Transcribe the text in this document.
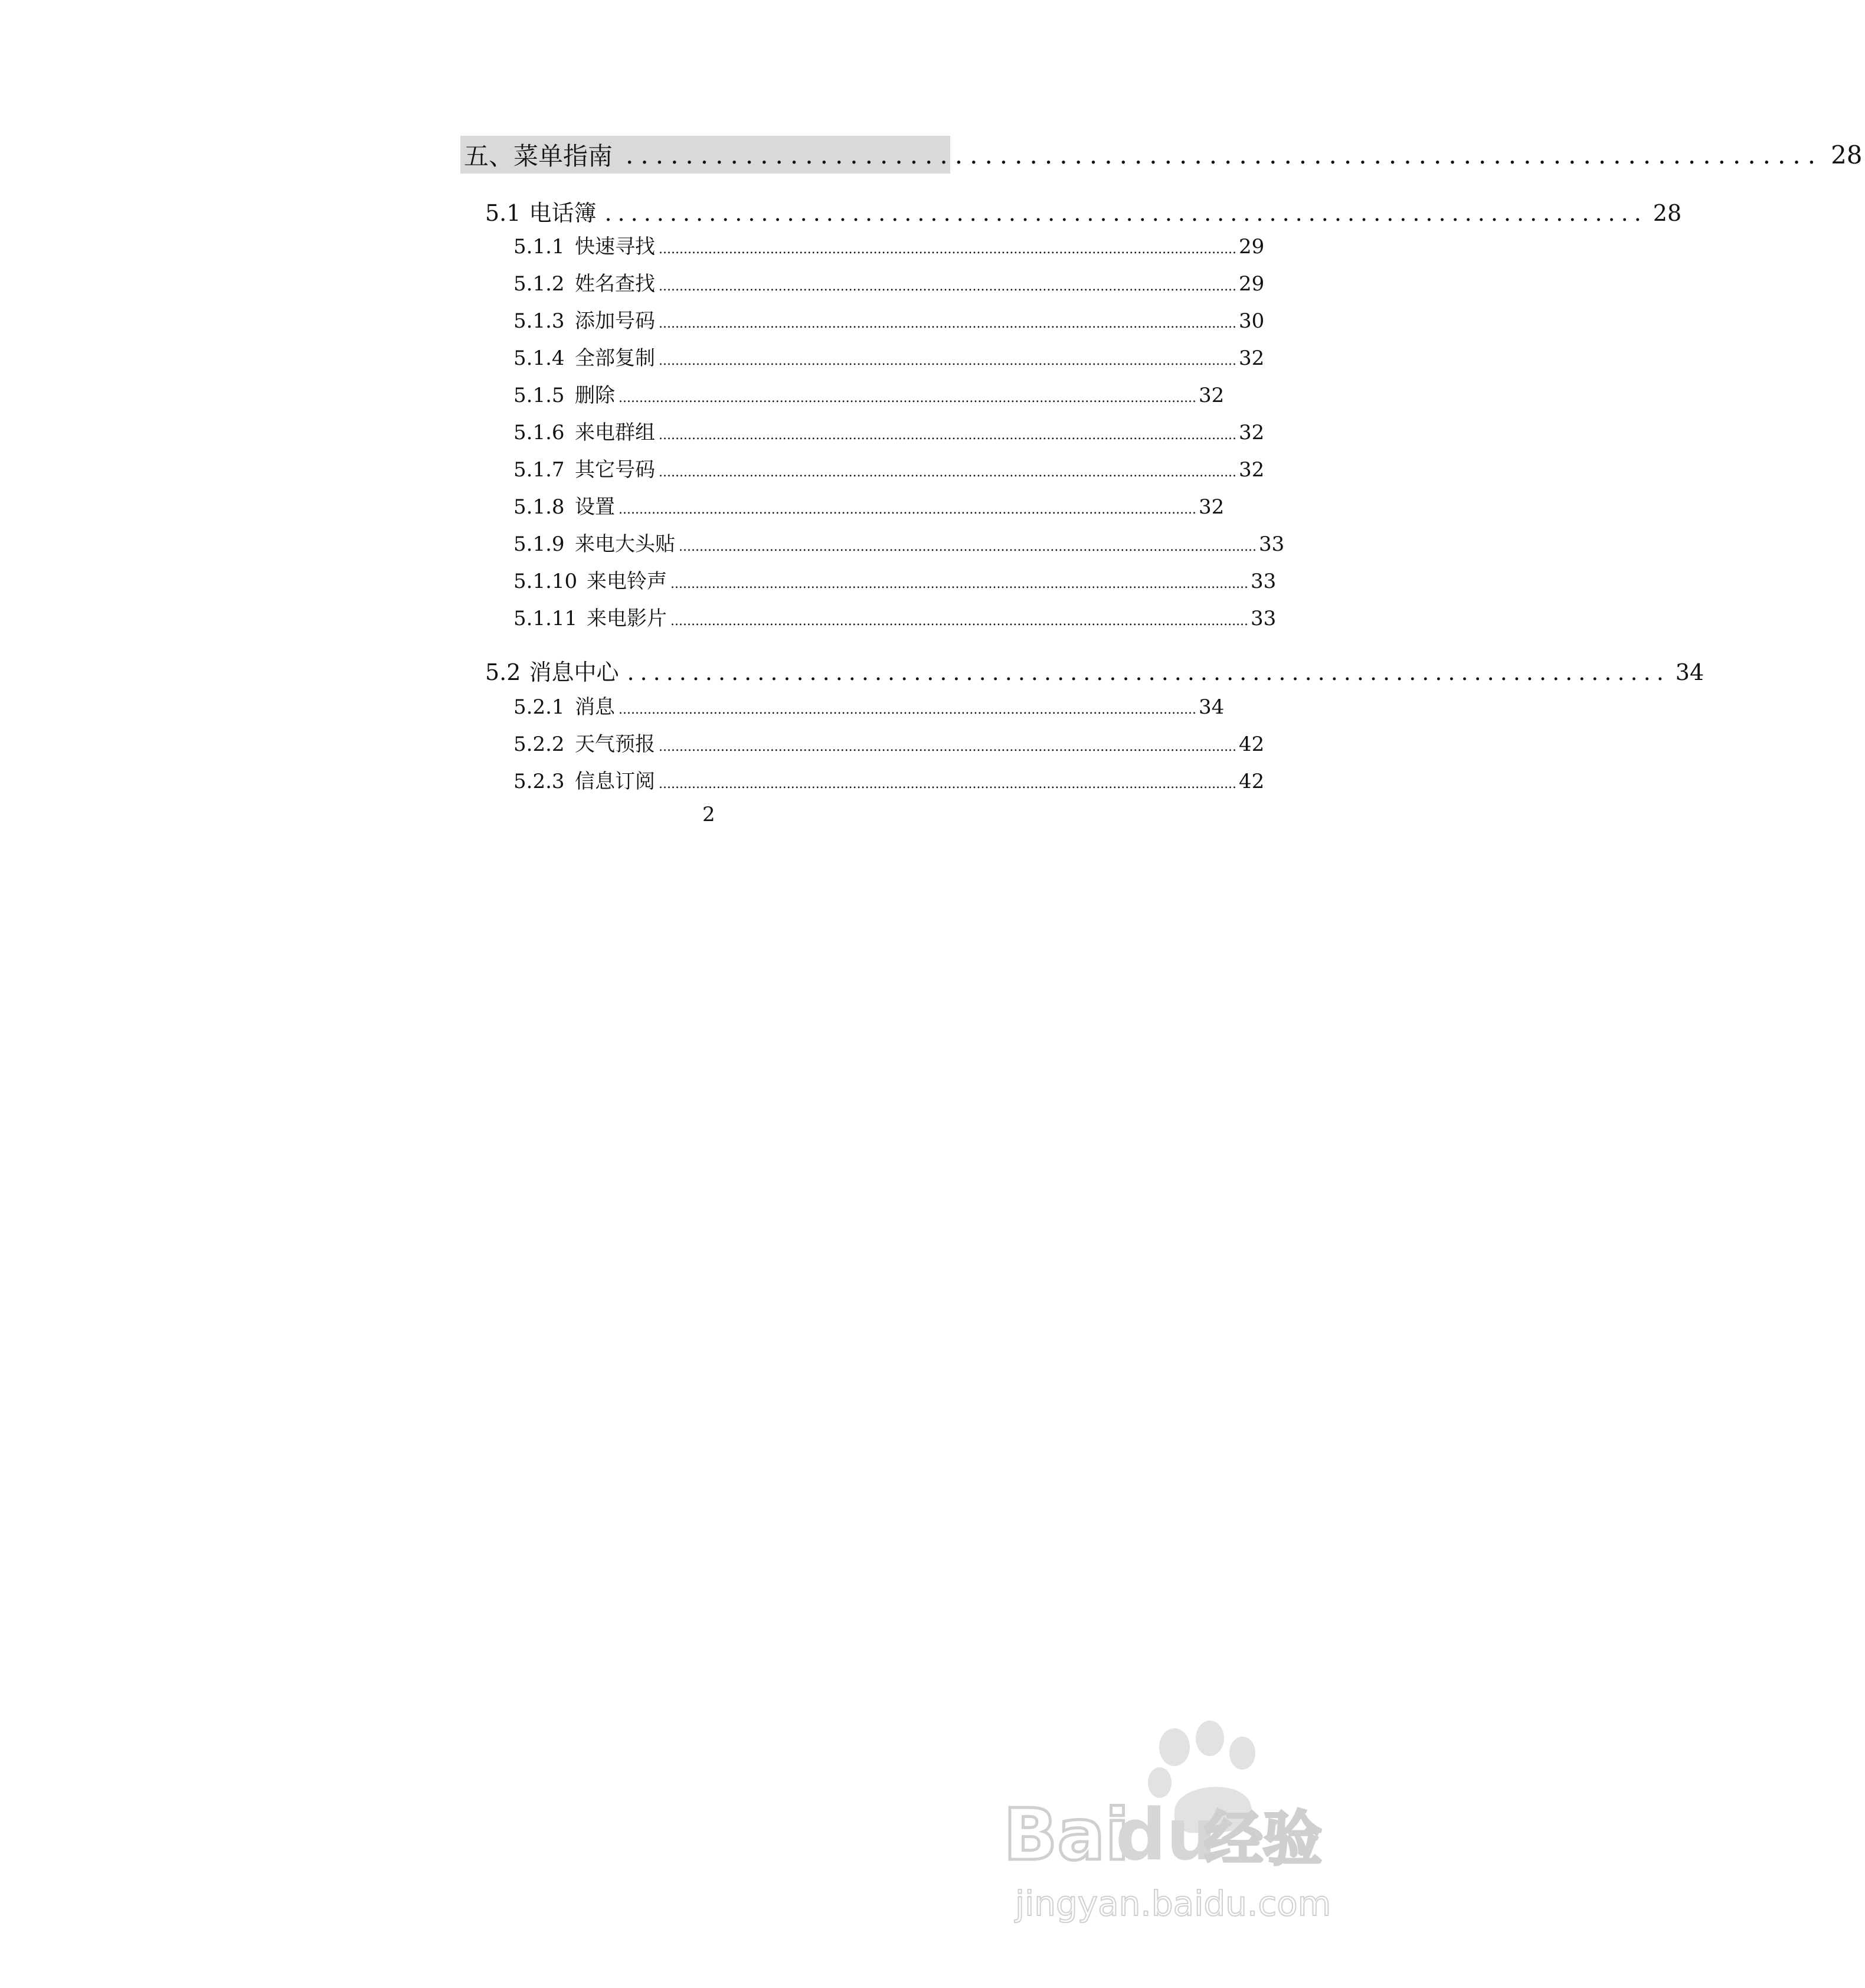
五、 菜单指南 ................................................................................ 28
5.1 电话簿 ................................................................................ 28
5.1.1 快速寻找 ............................................................................................................................................ 29
5.1.2 姓名查找 ............................................................................................................................................ 29
5.1.3 添加号码 ............................................................................................................................................ 30
5.1.4 全部复制 ............................................................................................................................................ 32
5.1.5 删除 ............................................................................................................................................ 32
5.1.6 来电群组 ............................................................................................................................................ 32
5.1.7 其它号码 ............................................................................................................................................ 32
5.1.8 设置 ............................................................................................................................................ 32
5.1.9 来电大头贴 ............................................................................................................................................ 33
5.1.10 来电铃声 ............................................................................................................................................ 33
5.1.11 来电影片 ............................................................................................................................................ 33
5.2 消息中心 ................................................................................ 34
5.2.1 消息 ............................................................................................................................................ 34
5.2.2 天气预报 ............................................................................................................................................ 42
5.2.3 信息订阅 ............................................................................................................................................ 42
2
Bai
du
经验
jingyan.baidu.com
